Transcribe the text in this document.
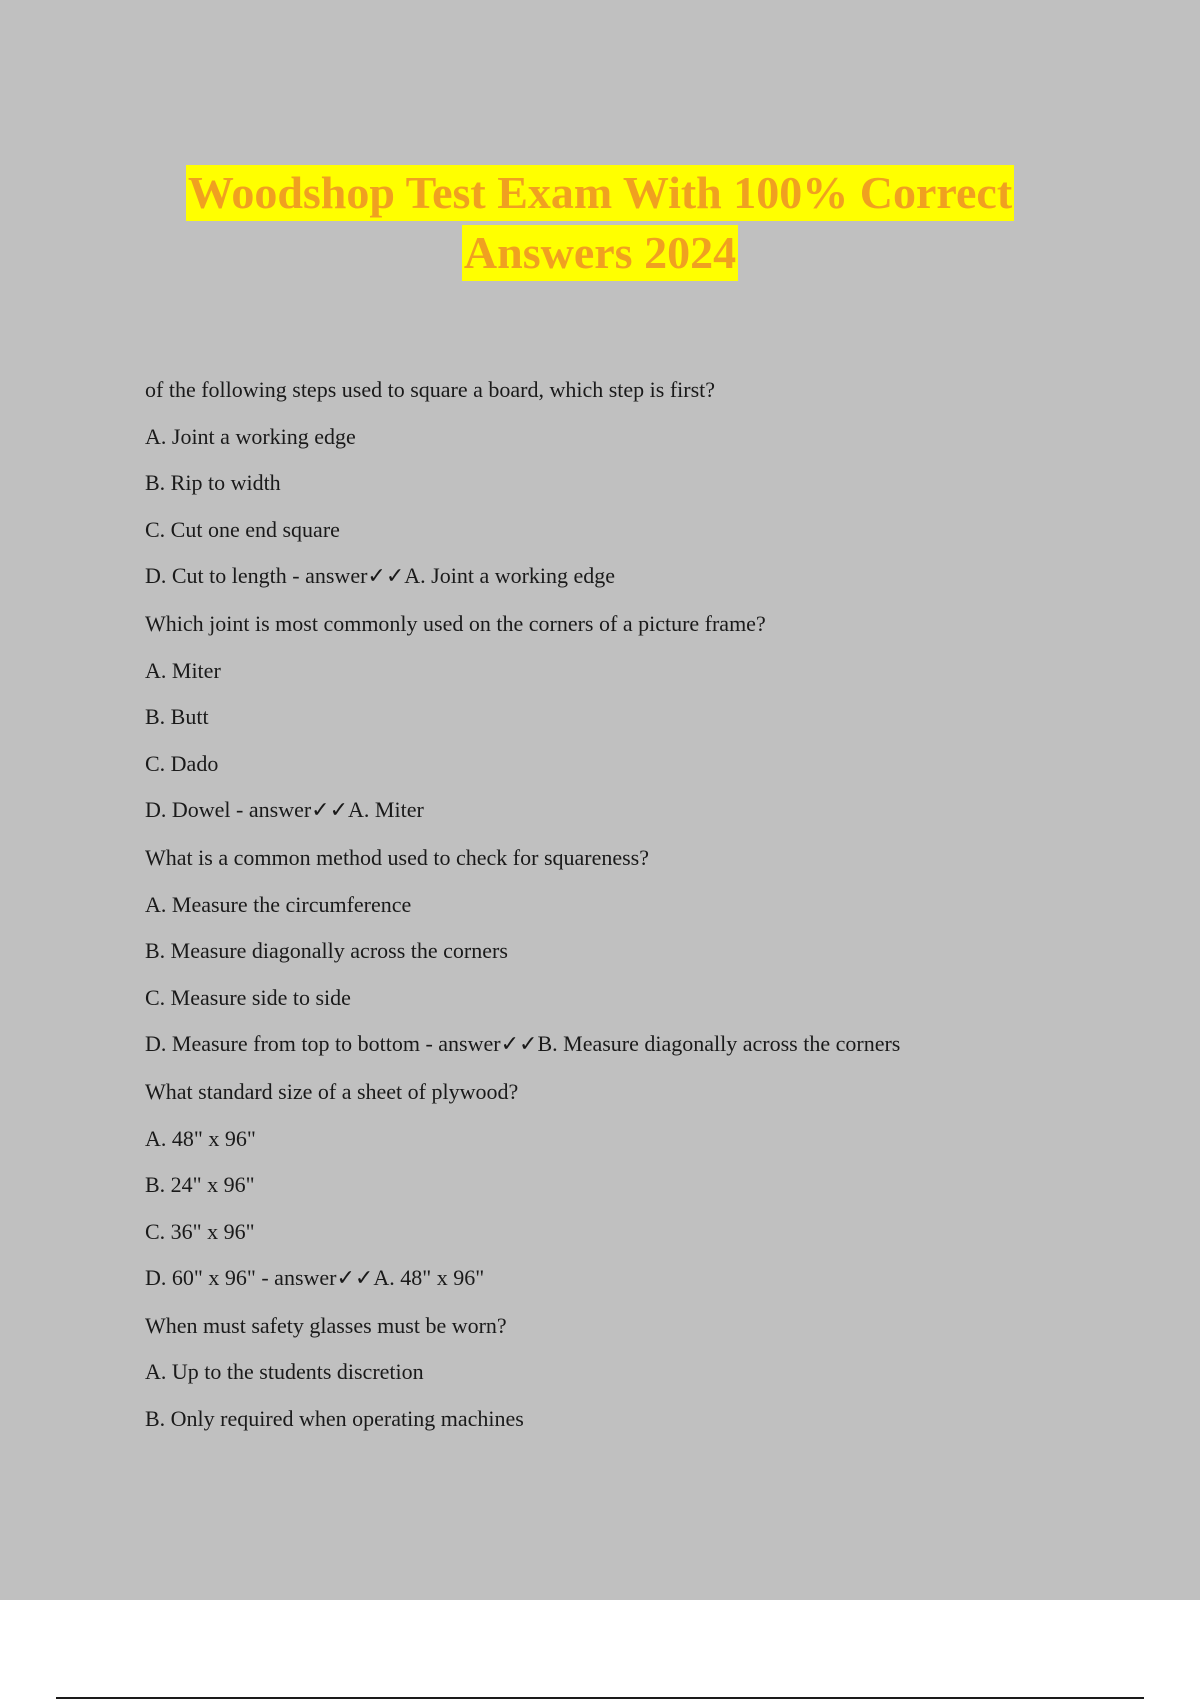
Woodshop Test Exam With 100% Correct
Answers 2024
of the following steps used to square a board, which step is first?
A. Joint a working edge
B. Rip to width
C. Cut one end square
D. Cut to length - answer✓✓A. Joint a working edge
Which joint is most commonly used on the corners of a picture frame?
A. Miter
B. Butt
C. Dado
D. Dowel - answer✓✓A. Miter
What is a common method used to check for squareness?
A. Measure the circumference
B. Measure diagonally across the corners
C. Measure side to side
D. Measure from top to bottom - answer✓✓B. Measure diagonally across the corners
What standard size of a sheet of plywood?
A. 48" x 96"
B. 24" x 96"
C. 36" x 96"
D. 60" x 96" - answer✓✓A. 48" x 96"
When must safety glasses must be worn?
A. Up to the students discretion
B. Only required when operating machines
